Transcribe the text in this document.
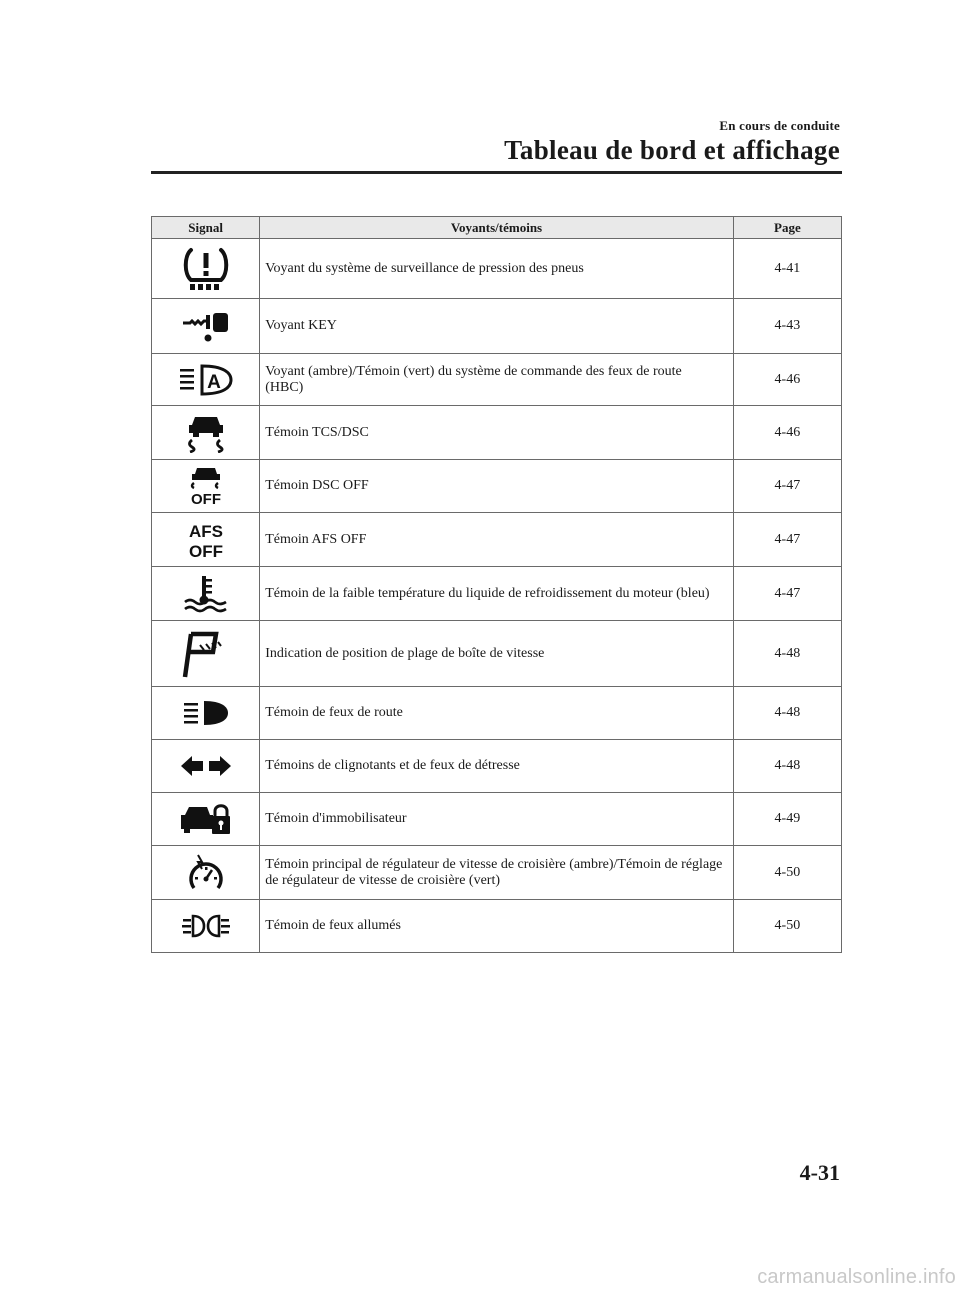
En cours de conduite
Tableau de bord et affichage
Signal	Voyants/témoins	Page

	Voyant du système de surveillance de pression des pneus	4-41

	Voyant KEY	4-43

A	Voyant (ambre)/Témoin (vert) du système de commande des feux de route (HBC)	4-46

	Témoin TCS/DSC	4-46

OFF	Témoin DSC OFF	4-47

AFS
OFF	Témoin AFS OFF	4-47

	Témoin de la faible température du liquide de refroidissement du moteur (bleu)	4-47

	Indication de position de plage de boîte de vitesse	4-48

	Témoin de feux de route	4-48

	Témoins de clignotants et de feux de détresse	4-48

	Témoin d'immobilisateur	4-49

	Témoin principal de régulateur de vitesse de croisière (ambre)/Témoin de réglage de régulateur de vitesse de croisière (vert)	4-50

	Témoin de feux allumés	4-50
4-31
carmanualsonline.info
